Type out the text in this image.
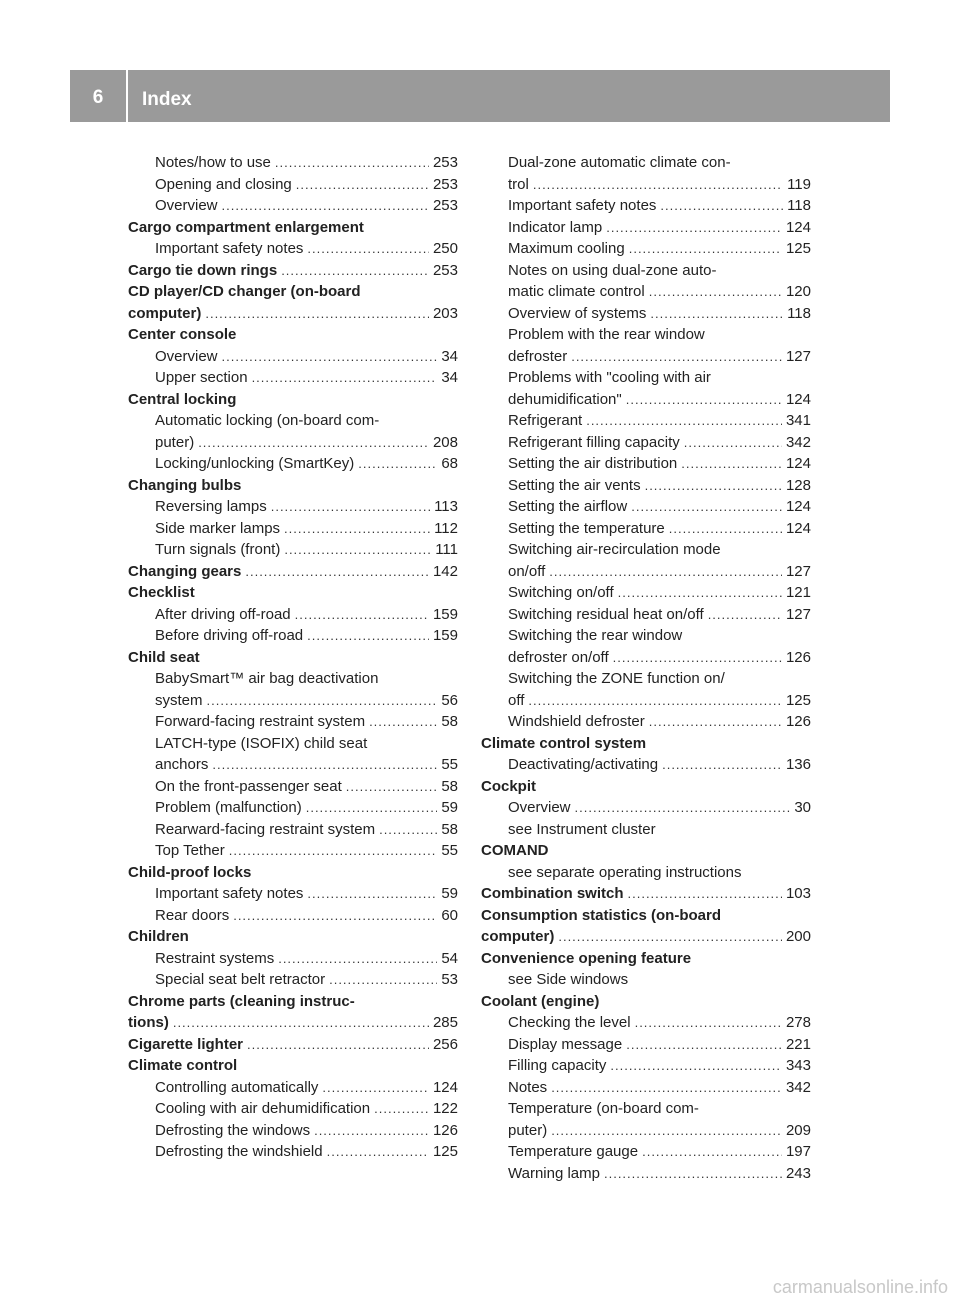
6	Index
Notes/how to use .....	253
Opening and closing .....	253
Overview .....	253
Cargo compartment enlargement
Important safety notes .....	250
Cargo tie down rings .....	253
CD player/CD changer (on-board
computer) .....	203
Center console
Overview .....	34
Upper section .....	34
Central locking
Automatic locking (on-board com-
puter) .....	208
Locking/unlocking (SmartKey) .....	68
Changing bulbs
Reversing lamps .....	113
Side marker lamps .....	112
Turn signals (front) .....	111
Changing gears .....	142
Checklist
After driving off-road .....	159
Before driving off-road .....	159
Child seat
BabySmart™ air bag deactivation
system .....	56
Forward-facing restraint system .....	58
LATCH-type (ISOFIX) child seat
anchors .....	55
On the front-passenger seat .....	58
Problem (malfunction) .....	59
Rearward-facing restraint system .....	58
Top Tether .....	55
Child-proof locks
Important safety notes .....	59
Rear doors .....	60
Children
Restraint systems .....	54
Special seat belt retractor .....	53
Chrome parts (cleaning instruc-
tions) .....	285
Cigarette lighter .....	256
Climate control
Controlling automatically .....	124
Cooling with air dehumidification .....	122
Defrosting the windows .....	126
Defrosting the windshield .....	125
Dual-zone automatic climate con-
trol .....	119
Important safety notes .....	118
Indicator lamp .....	124
Maximum cooling .....	125
Notes on using dual-zone auto-
matic climate control .....	120
Overview of systems .....	118
Problem with the rear window
defroster .....	127
Problems with "cooling with air
dehumidification" .....	124
Refrigerant .....	341
Refrigerant filling capacity .....	342
Setting the air distribution .....	124
Setting the air vents .....	128
Setting the airflow .....	124
Setting the temperature .....	124
Switching air-recirculation mode
on/off .....	127
Switching on/off .....	121
Switching residual heat on/off .....	127
Switching the rear window
defroster on/off .....	126
Switching the ZONE function on/
off .....	125
Windshield defroster .....	126
Climate control system
Deactivating/activating .....	136
Cockpit
Overview .....	30
see Instrument cluster
COMAND
see separate operating instructions
Combination switch .....	103
Consumption statistics (on-board
computer) .....	200
Convenience opening feature
see Side windows
Coolant (engine)
Checking the level .....	278
Display message .....	221
Filling capacity .....	343
Notes .....	342
Temperature (on-board com-
puter) .....	209
Temperature gauge .....	197
Warning lamp .....	243
carmanualsonline.info
